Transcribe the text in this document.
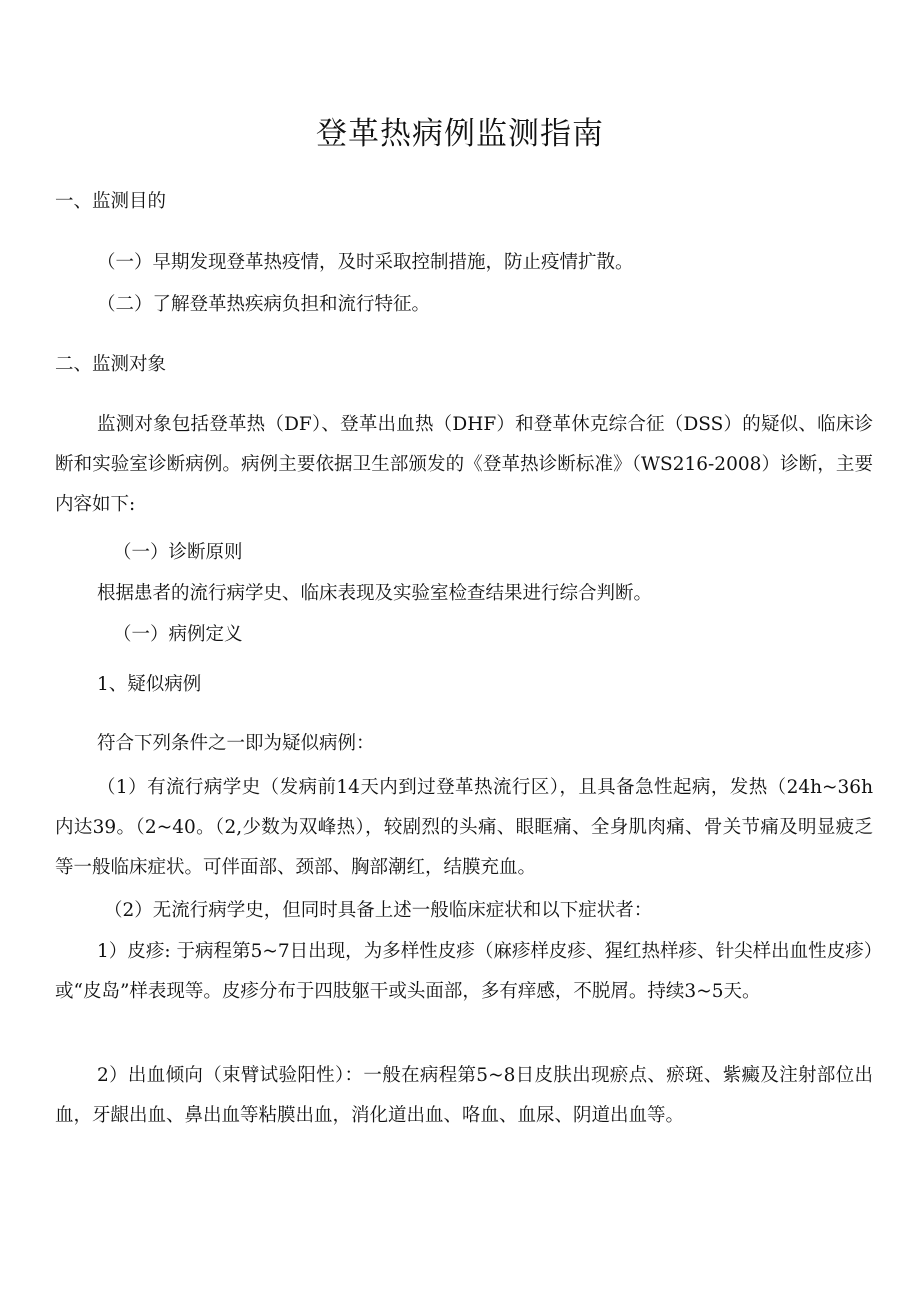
登革热病例监测指南
一、监测目的
（一）早期发现登革热疫情，及时采取控制措施，防止疫情扩散。
（二）了解登革热疾病负担和流行特征。
二、监测对象

监测对象包括登革热（DF）、登革出血热（DHF）和登革休克综合征（DSS）的疑似、临床诊断和实验室诊断病例。病例主要依据卫生部颁发的《登革热诊断标准》（WS216-2008）诊断，主要内容如下:

（一）诊断原则
根据患者的流行病学史、临床表现及实验室检查结果进行综合判断。
（一）病例定义
1、疑似病例
符合下列条件之一即为疑似病例：

（1）有流行病学史（发病前14天内到过登革热流行区），且具备急性起病，发热（24h~36h内达39。（2~40。（2,少数为双峰热），较剧烈的头痛、眼眶痛、全身肌肉痛、骨关节痛及明显疲乏等一般临床症状。可伴面部、颈部、胸部潮红，结膜充血。

（2）无流行病学史，但同时具备上述一般临床症状和以下症状者：

1）皮疹: 于病程第5~7日出现，为多样性皮疹（麻疹样皮疹、猩红热样疹、针尖样出血性皮疹）或“皮岛”样表现等。皮疹分布于四肢躯干或头面部，多有痒感，不脱屑。持续3~5天。

2）出血倾向（束臂试验阳性）：一般在病程第5~8日皮肤出现瘀点、瘀斑、紫癜及注射部位出血，牙龈出血、鼻出血等粘膜出血，消化道出血、咯血、血尿、阴道出血等。
